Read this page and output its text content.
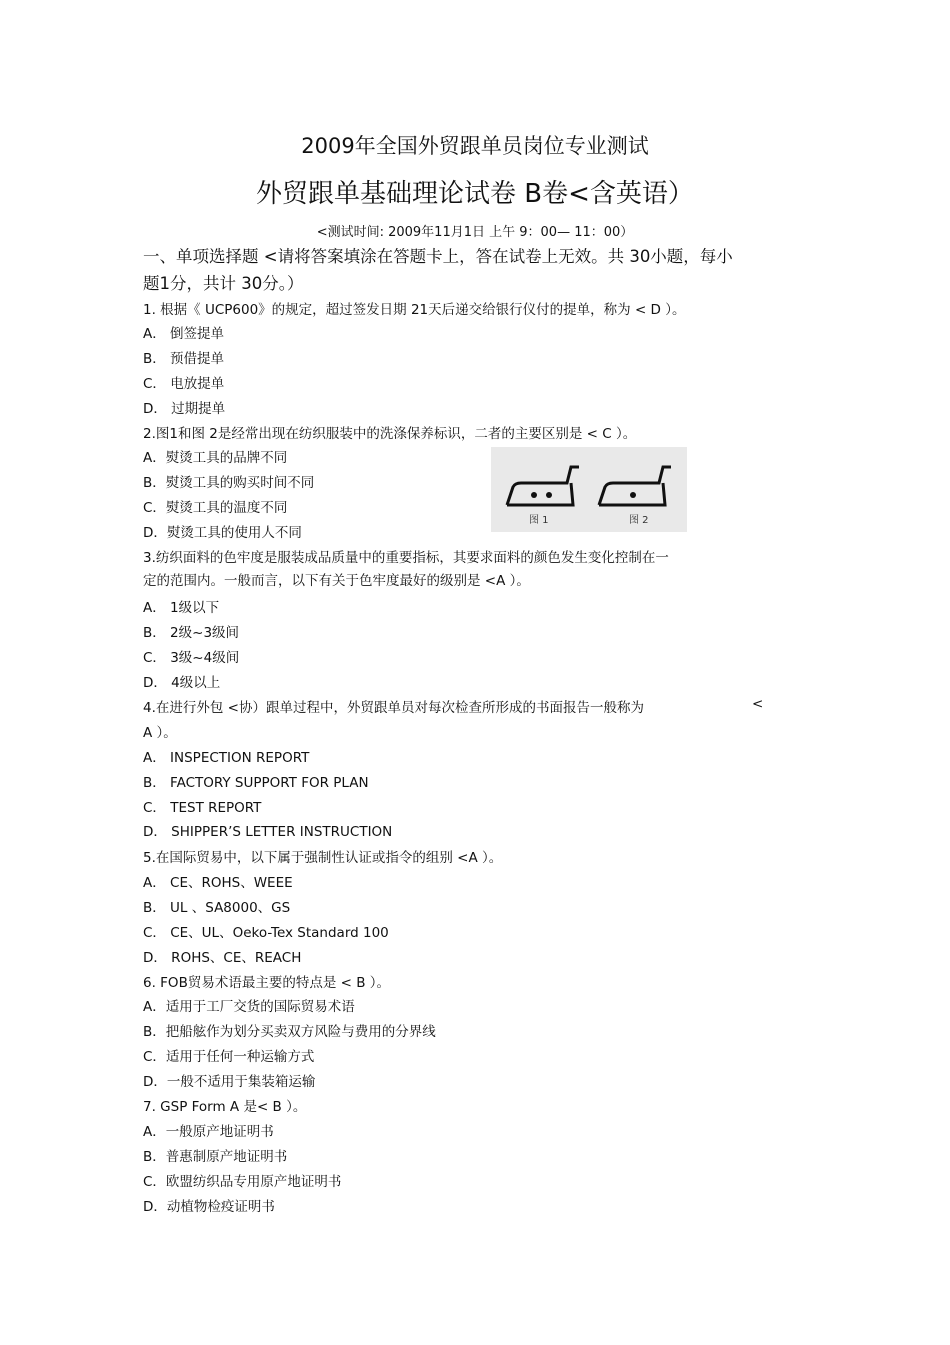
2009年全国外贸跟单员岗位专业测试
外贸跟单基础理论试卷 B卷<含英语）
<测试时间: 2009年11月1日 上午 9：00— 11：00）
一、单项选择题 <请将答案填涂在答题卡上，答在试卷上无效。共 30小题，每小
题1分，共计 30分。）
1. 根据《 UCP600》的规定，超过签发日期 21天后递交给银行仪付的提单，称为 < D ）。
A． 倒签提单
B． 预借提单
C． 电放提单
D． 过期提单
2.图1和图 2是经常出现在纺织服装中的洗涤保养标识，二者的主要区别是 < C ）。
A．熨烫工具的品牌不同
B．熨烫工具的购买时间不同
C．熨烫工具的温度不同
D．熨烫工具的使用人不同
图 1	图 2
3.纺织面料的色牢度是服装成品质量中的重要指标，其要求面料的颜色发生变化控制在一
定的范围内。一般而言，以下有关于色牢度最好的级别是 <A ）。
A． 1级以下
B． 2级~3级间
C． 3级~4级间
D． 4级以上
4.在进行外包 <协）跟单过程中，外贸跟单员对每次检查所形成的书面报告一般称为	<
A ）。
A． INSPECTION REPORT
B． FACTORY SUPPORT FOR PLAN
C． TEST REPORT
D． SHIPPER’S LETTER INSTRUCTION
5.在国际贸易中，以下属于强制性认证或指令的组别 <A ）。
A． CE、ROHS、WEEE
B． UL 、SA8000、GS
C． CE、UL、Oeko-Tex Standard 100
D． ROHS、CE、REACH
6. FOB贸易术语最主要的特点是 < B ）。
A．适用于工厂交货的国际贸易术语
B．把船舷作为划分买卖双方风险与费用的分界线
C．适用于任何一种运输方式
D．一般不适用于集装箱运输
7. GSP Form A 是< B ）。
A．一般原产地证明书
B．普惠制原产地证明书
C．欧盟纺织品专用原产地证明书
D．动植物检疫证明书
